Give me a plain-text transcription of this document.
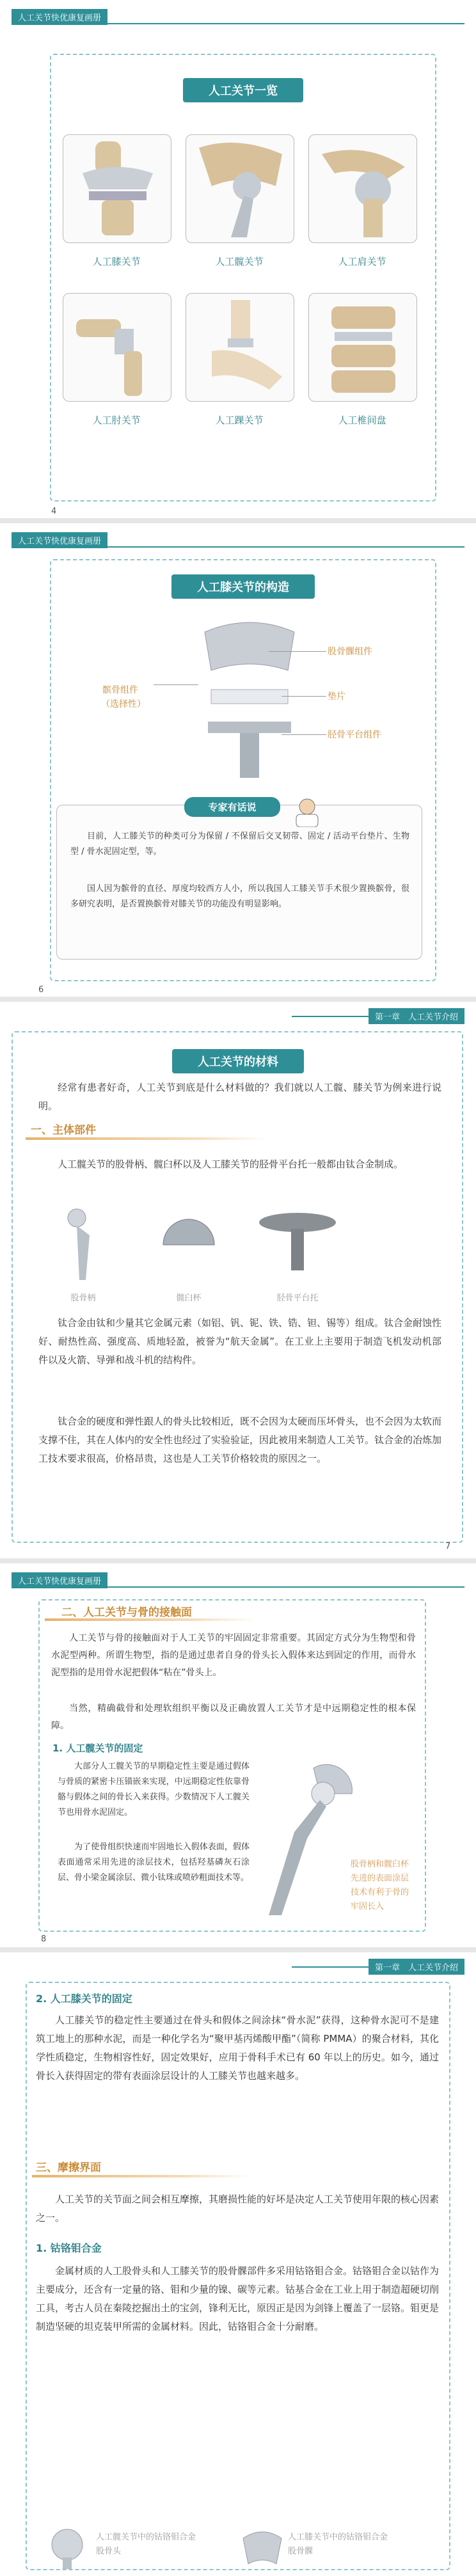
人工关节快优康复画册
人工关节一览
人工膝关节	人工髋关节	人工肩关节
人工肘关节	人工踝关节	人工椎间盘
4
人工关节快优康复画册
人工膝关节的构造
股骨髁组件
垫片
胫骨平台组件
髌骨组件
（选择性）
专家有话说
目前，人工膝关节的种类可分为保留 / 不保留后交叉韧带、固定 / 活动平台垫片、生物型 / 骨水泥固定型，等。
国人因为髌骨的直径、厚度均较西方人小，所以我国人工膝关节手术很少置换髌骨，很多研究表明，是否置换髌骨对膝关节的功能没有明显影响。
6
第一章　人工关节介绍
人工关节的材料
经常有患者好奇，人工关节到底是什么材料做的？我们就以人工髋、膝关节为例来进行说明。
一、主体部件
人工髋关节的股骨柄、髋臼杯以及人工膝关节的胫骨平台托一般都由钛合金制成。
股骨柄	髋臼杯	胫骨平台托
钛合金由钛和少量其它金属元素（如铝、钒、铌、铁、锆、钽、锡等）组成。钛合金耐蚀性好、耐热性高、强度高、质地轻盈，被誉为“航天金属”。在工业上主要用于制造飞机发动机部件以及火箭、导弹和战斗机的结构件。
钛合金的硬度和弹性跟人的骨头比较相近，既不会因为太硬而压坏骨头，也不会因为太软而支撑不住，其在人体内的安全性也经过了实验验证，因此被用来制造人工关节。钛合金的冶炼加工技术要求很高，价格昂贵，这也是人工关节价格较贵的原因之一。
7
人工关节快优康复画册
二、人工关节与骨的接触面
人工关节与骨的接触面对于人工关节的牢固固定非常重要。其固定方式分为生物型和骨水泥型两种。所谓生物型，指的是通过患者自身的骨头长入假体来达到固定的作用，而骨水泥型指的是用骨水泥把假体“粘在”骨头上。
当然，精确截骨和处理软组织平衡以及正确放置人工关节才是中远期稳定性的根本保障。
1. 人工髋关节的固定
大部分人工髋关节的早期稳定性主要是通过假体与骨质的紧密卡压锚嵌来实现，中远期稳定性依靠骨骼与假体之间的骨长入来获得。少数情况下人工髋关节也用骨水泥固定。
为了使骨组织快速而牢固地长入假体表面，假体表面通常采用先进的涂层技术，包括羟基磷灰石涂层、骨小梁金属涂层、微小钛珠或喷砂粗面技术等。
股骨柄和髋臼杯先进的表面涂层技术有利于骨的牢固长入
8
第一章　人工关节介绍
2. 人工膝关节的固定
人工膝关节的稳定性主要通过在骨头和假体之间涂抹“骨水泥”获得，这种骨水泥可不是建筑工地上的那种水泥，而是一种化学名为“聚甲基丙烯酸甲酯”（简称 PMMA）的聚合材料，其化学性质稳定，生物相容性好，固定效果好，应用于骨科手术已有 60 年以上的历史。如今，通过骨长入获得固定的带有表面涂层设计的人工膝关节也越来越多。
三、摩擦界面
人工关节的关节面之间会相互摩擦，其磨损性能的好坏是决定人工关节使用年限的核心因素之一。
1. 钴铬钼合金
金属材质的人工股骨头和人工膝关节的股骨髁部件多采用钴铬钼合金。钴铬钼合金以钴作为主要成分，还含有一定量的铬、钼和少量的镍、碳等元素。钴基合金在工业上用于制造超硬切削工具，考古人员在秦陵挖掘出土的宝剑，锋利无比，原因正是因为剑锋上覆盖了一层铬。钼更是制造坚硬的坦克装甲所需的金属材料。因此，钴铬钼合金十分耐磨。
人工髋关节中的钴铬钼合金股骨头
人工膝关节中的钴铬钼合金股骨髁
